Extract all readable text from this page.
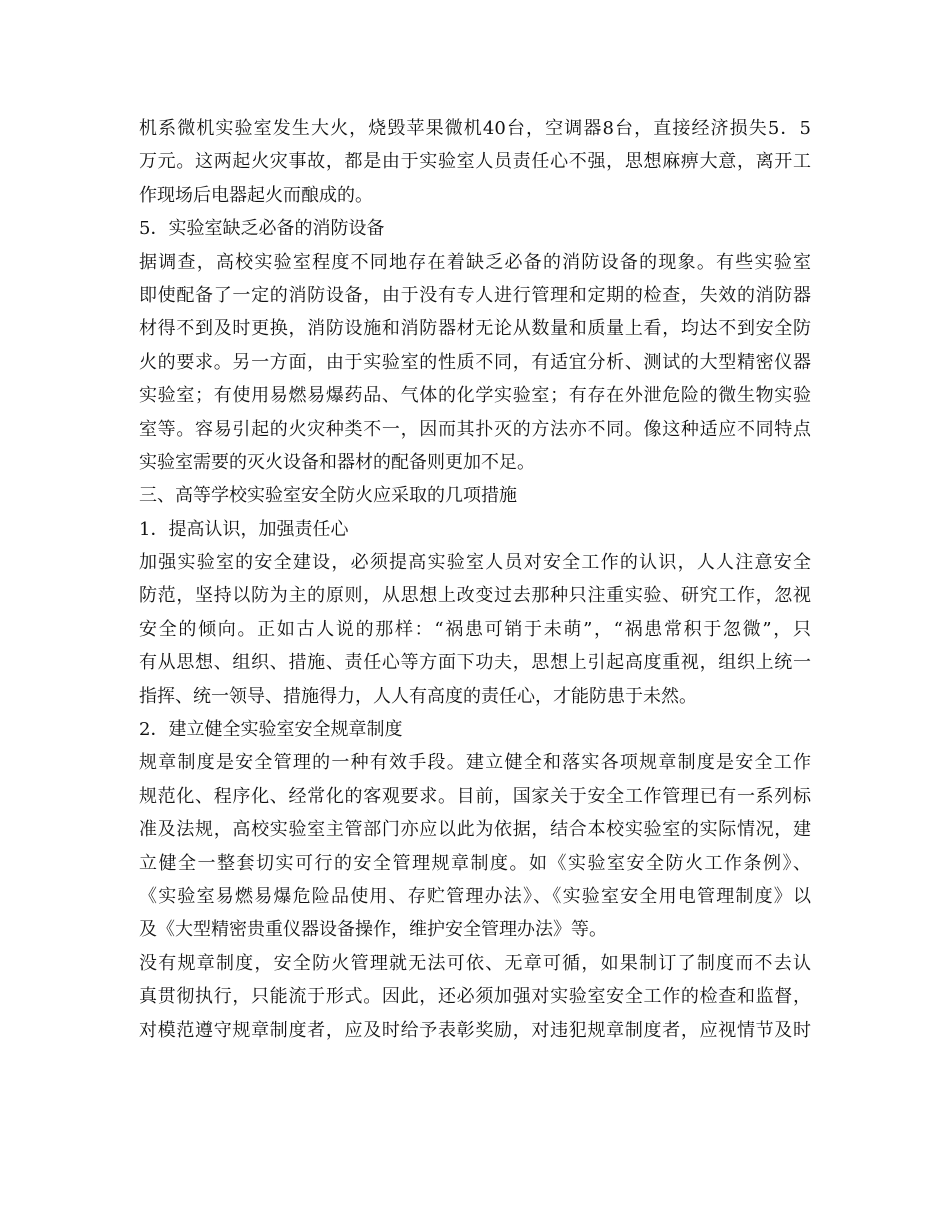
机系微机实验室发生大火，烧毁苹果微机40台，空调器8台，直接经济损失5．5
万元。这两起火灾事故，都是由于实验室人员责任心不强，思想麻痹大意，离开工
作现场后电器起火而酿成的。
5．实验室缺乏必备的消防设备
据调查，高校实验室程度不同地存在着缺乏必备的消防设备的现象。有些实验室
即使配备了一定的消防设备，由于没有专人进行管理和定期的检查，失效的消防器
材得不到及时更换，消防设施和消防器材无论从数量和质量上看，均达不到安全防
火的要求。另一方面，由于实验室的性质不同，有适宜分析、测试的大型精密仪器
实验室；有使用易燃易爆药品、气体的化学实验室；有存在外泄危险的微生物实验
室等。容易引起的火灾种类不一，因而其扑灭的方法亦不同。像这种适应不同特点
实验室需要的灭火设备和器材的配备则更加不足。
三、高等学校实验室安全防火应采取的几项措施
1．提高认识，加强责任心
加强实验室的安全建设，必须提高实验室人员对安全工作的认识，人人注意安全
防范，坚持以防为主的原则，从思想上改变过去那种只注重实验、研究工作，忽视
安全的倾向。正如古人说的那样：“祸患可销于未萌”，“祸患常积于忽微”，只
有从思想、组织、措施、责任心等方面下功夫，思想上引起高度重视，组织上统一
指挥、统一领导、措施得力，人人有高度的责任心，才能防患于未然。
2．建立健全实验室安全规章制度
规章制度是安全管理的一种有效手段。建立健全和落实各项规章制度是安全工作
规范化、程序化、经常化的客观要求。目前，国家关于安全工作管理已有一系列标
准及法规，高校实验室主管部门亦应以此为依据，结合本校实验室的实际情况，建
立健全一整套切实可行的安全管理规章制度。如《实验室安全防火工作条例》、
《实验室易燃易爆危险品使用、存贮管理办法》、《实验室安全用电管理制度》以
及《大型精密贵重仪器设备操作，维护安全管理办法》等。
没有规章制度，安全防火管理就无法可依、无章可循，如果制订了制度而不去认
真贯彻执行，只能流于形式。因此，还必须加强对实验室安全工作的检查和监督，
对模范遵守规章制度者，应及时给予表彰奖励，对违犯规章制度者，应视情节及时
